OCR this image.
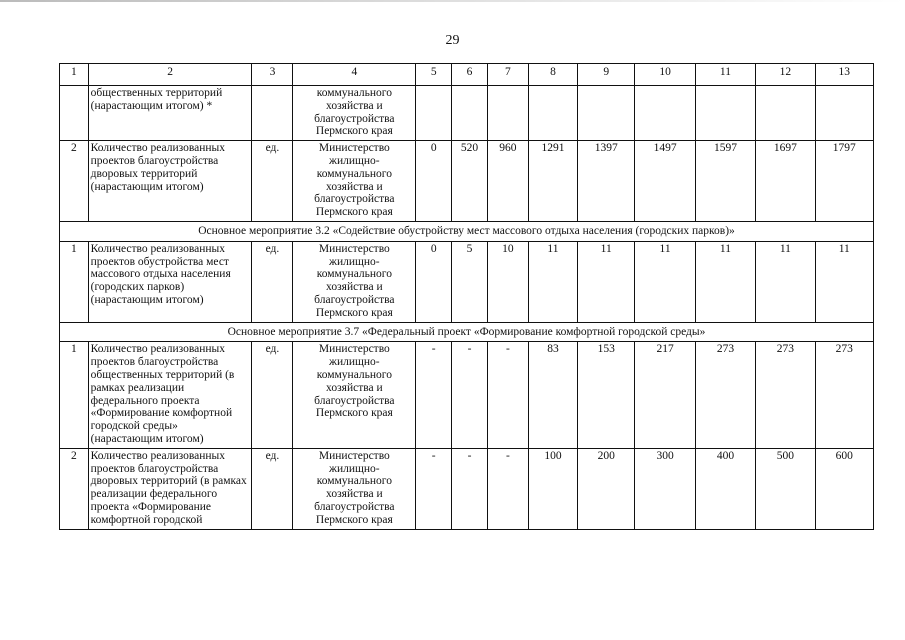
29
1	2	3	4	5	6	7	8	9	10	11	12	13
	общественных территорий (нарастающим итогом) *		коммунального хозяйства и благоустройства Пермского края									
2	Количество реализованных проектов благоустройства дворовых территорий (нарастающим итогом)	ед.	Министерство жилищно-коммунального хозяйства и благоустройства Пермского края	0	520	960	1291	1397	1497	1597	1697	1797
Основное мероприятие 3.2 «Содействие обустройству мест массового отдыха населения (городских парков)»												
1	Количество реализованных проектов обустройства мест массового отдыха населения (городских парков) (нарастающим итогом)	ед.	Министерство жилищно-коммунального хозяйства и благоустройства Пермского края	0	5	10	11	11	11	11	11	11
Основное мероприятие 3.7 «Федеральный проект «Формирование комфортной городской среды»												
1	Количество реализованных проектов благоустройства общественных территорий (в рамках реализации федерального проекта «Формирование комфортной городской среды» (нарастающим итогом)	ед.	Министерство жилищно-коммунального хозяйства и благоустройства Пермского края	-	-	-	83	153	217	273	273	273
2	Количество реализованных проектов благоустройства дворовых территорий (в рамках реализации федерального проекта «Формирование комфортной городской	ед.	Министерство жилищно-коммунального хозяйства и благоустройства Пермского края	-	-	-	100	200	300	400	500	600
